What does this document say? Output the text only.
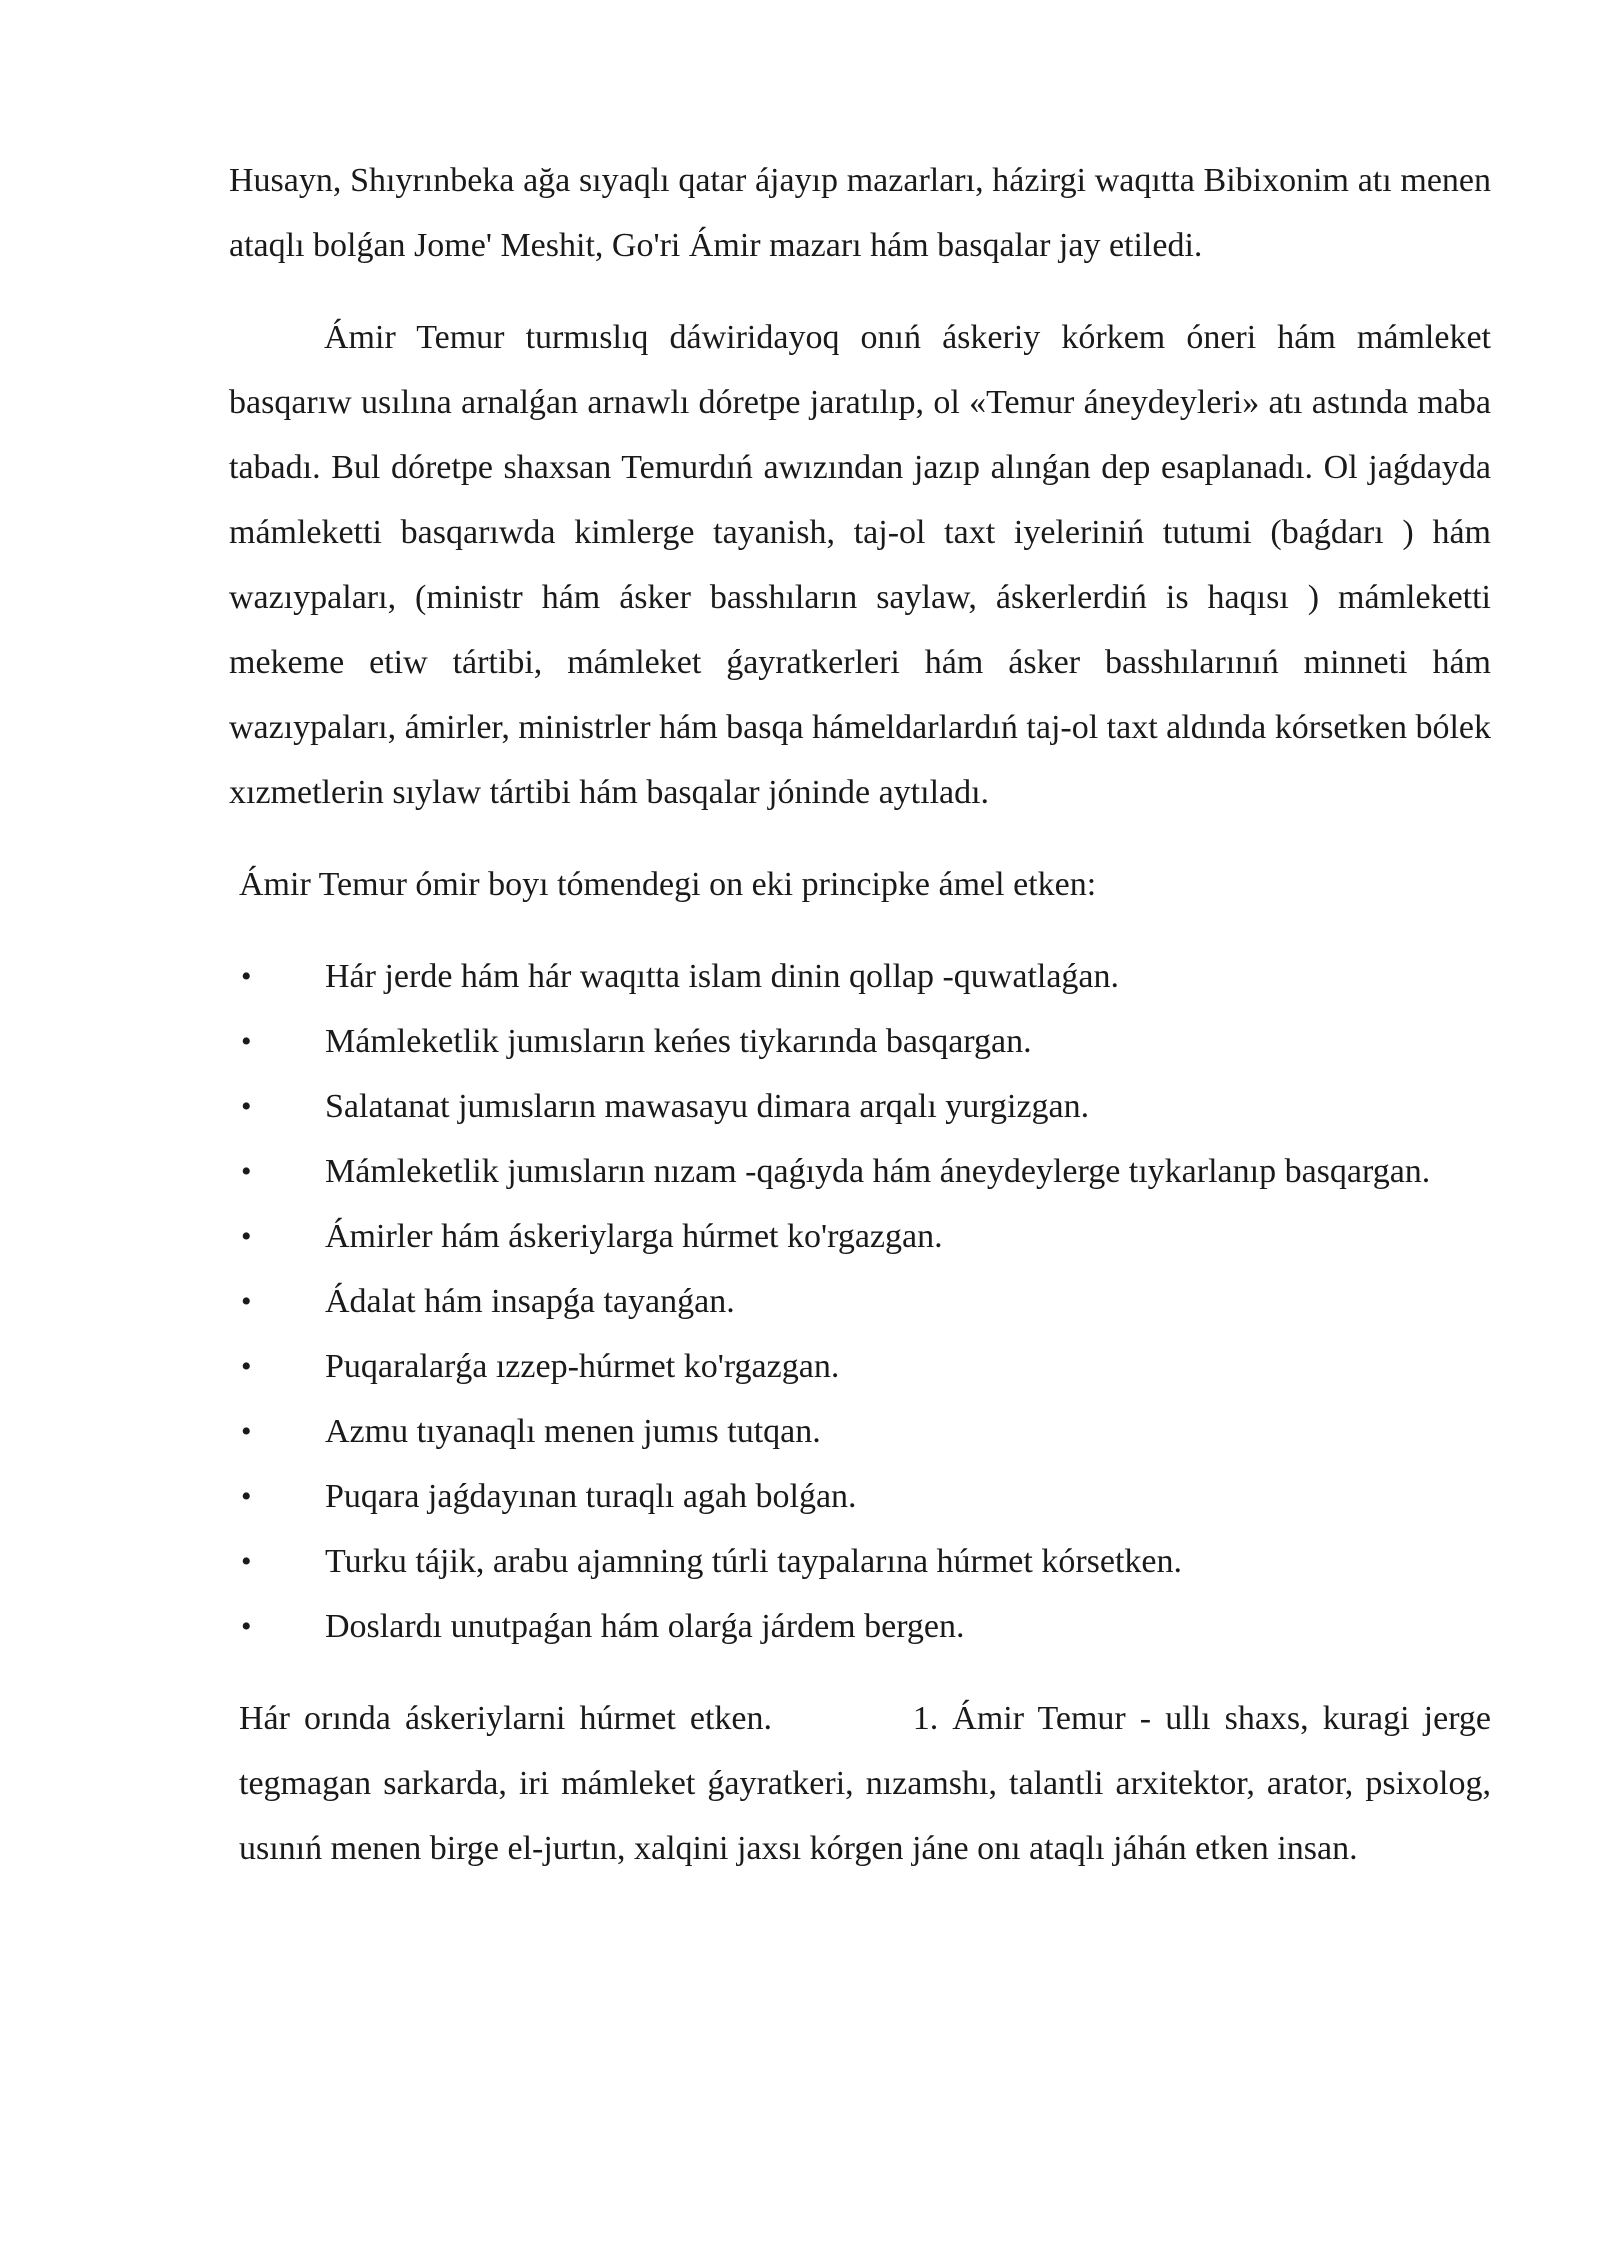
Husayn, Shıyrınbeka ağa sıyaqlı qatar ájayıp mazarları, házirgi waqıtta Bibixonim atı menen ataqlı bolǵan Jome' Meshit, Go'ri Ámir mazarı hám basqalar jay etiledi.

Ámir Temur turmıslıq dáwiridayoq onıń áskeriy kórkem óneri hám mámleket basqarıw usılına arnalǵan arnawlı dóretpe jaratılıp, ol «Temur áneydeyleri» atı astında maba tabadı. Bul dóretpe shaxsan Temurdıń awızından jazıp alınǵan dep esaplanadı. Ol jaǵdayda mámleketti basqarıwda kimlerge tayanish, taj-ol taxt iyeleriniń tutumi (baǵdarı ) hám wazıypaları, (ministr hám ásker basshıların saylaw, áskerlerdiń is haqısı ) mámleketti mekeme etiw tártibi, mámleket ǵayratkerleri hám ásker basshılarınıń minneti hám wazıypaları, ámirler, ministrler hám basqa hámeldarlardıń taj-ol taxt aldında kórsetken bólek xızmetlerin sıylaw tártibi hám basqalar jóninde aytıladı.

Ámir Temur ómir boyı tómendegi on eki principke ámel etken:

• Hár jerde hám hár waqıtta islam dinin qollap -quwatlaǵan.
• Mámleketlik jumısların keńes tiykarında basqargan.
• Salatanat jumısların mawasayu dimara arqalı yurgizgan.
• Mámleketlik jumısların nızam -qaǵıyda hám áneydeylerge tıykarlanıp basqargan.
• Ámirler hám áskeriylarga húrmet ko'rgazgan.
• Ádalat hám insapǵa tayanǵan.
• Puqaralarǵa ızzep-húrmet ko'rgazgan.
• Azmu tıyanaqlı menen jumıs tutqan.
• Puqara jaǵdayınan turaqlı agah bolǵan.
• Turku tájik, arabu ajamning túrli taypalarına húrmet kórsetken.
• Doslardı unutpaǵan hám olarǵa járdem bergen.

Hár orında áskeriylarni húrmet etken.          1. Ámir Temur - ullı shaxs, kuragi jerge tegmagan sarkarda, iri mámleket ǵayratkeri, nızamshı, talantli arxitektor, arator, psixolog, usınıń menen birge el-jurtın, xalqini jaxsı kórgen jáne onı ataqlı jáhán etken insan.
